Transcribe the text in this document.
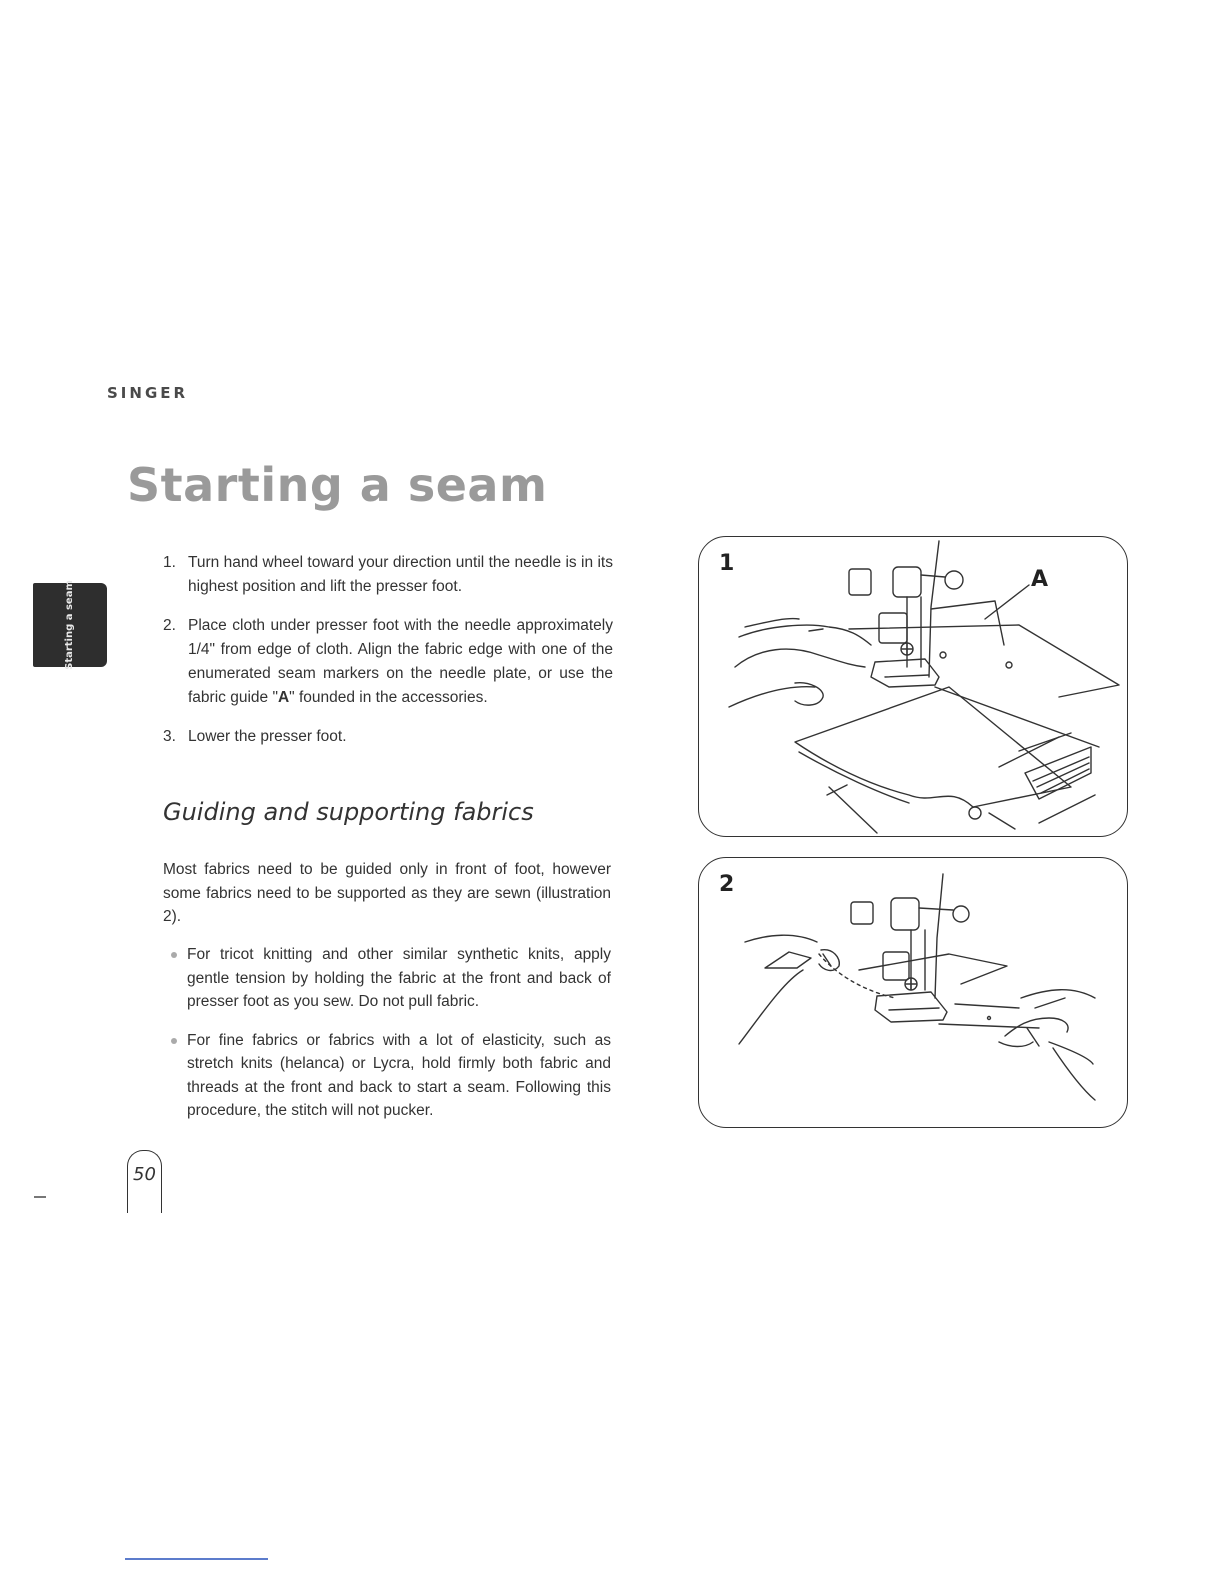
SINGER
Starting a seam
Starting a seam
1. Turn hand wheel toward your direction until the needle is in its highest position and lift the presser foot.
2. Place cloth under presser foot with the needle approximately 1/4" from edge of cloth. Align the fabric edge with one of the enumerated seam markers on the needle plate, or use the fabric guide "A" founded in the accessories.
3. Lower the presser foot.
Guiding and supporting fabrics

Most fabrics need to be guided only in front of foot, however some fabrics need to be supported as they are sewn (illustration 2).

For tricot knitting and other similar synthetic knits, apply gentle tension by holding the fabric at the front and back of presser foot as you sew. Do not pull fabric.
For fine fabrics or fabrics with a lot of elasticity, such as stretch knits (helanca) or Lycra, hold firmly both fabric and threads at the front and back to start a seam. Following this procedure, the stitch will not pucker.
1
A
2
50
